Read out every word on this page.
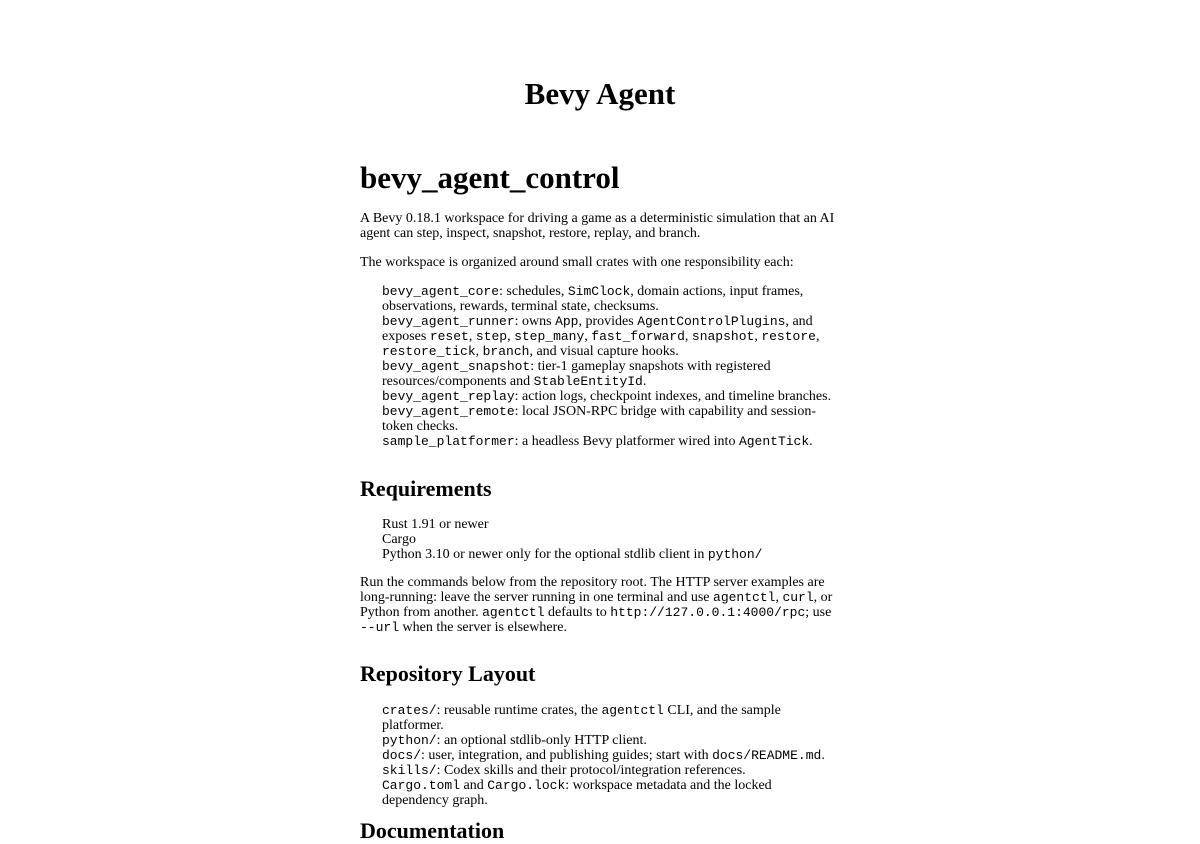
Bevy Agent
bevy_agent_control

A Bevy 0.18.1 workspace for driving a game as a deterministic simulation that an AI agent can step, inspect, snapshot, restore, replay, and branch.

The workspace is organized around small crates with one responsibility each:

bevy_agent_core: schedules, SimClock, domain actions, input frames, observations, rewards, terminal state, checksums.
bevy_agent_runner: owns App, provides AgentControlPlugins, and exposes reset, step, step_many, fast_forward, snapshot, restore, restore_tick, branch, and visual capture hooks.
bevy_agent_snapshot: tier-1 gameplay snapshots with registered resources/components and StableEntityId.
bevy_agent_replay: action logs, checkpoint indexes, and timeline branches.
bevy_agent_remote: local JSON-RPC bridge with capability and session-token checks.
sample_platformer: a headless Bevy platformer wired into AgentTick.
Requirements
Rust 1.91 or newer
Cargo
Python 3.10 or newer only for the optional stdlib client in python/

Run the commands below from the repository root. The HTTP server examples are long-running: leave the server running in one terminal and use agentctl, curl, or Python from another. agentctl defaults to http://127.0.0.1:4000/rpc; use --url when the server is elsewhere.

Repository Layout
crates/: reusable runtime crates, the agentctl CLI, and the sample platformer.
python/: an optional stdlib-only HTTP client.
docs/: user, integration, and publishing guides; start with docs/README.md.
skills/: Codex skills and their protocol/integration references.
Cargo.toml and Cargo.lock: workspace metadata and the locked dependency graph.
Documentation
